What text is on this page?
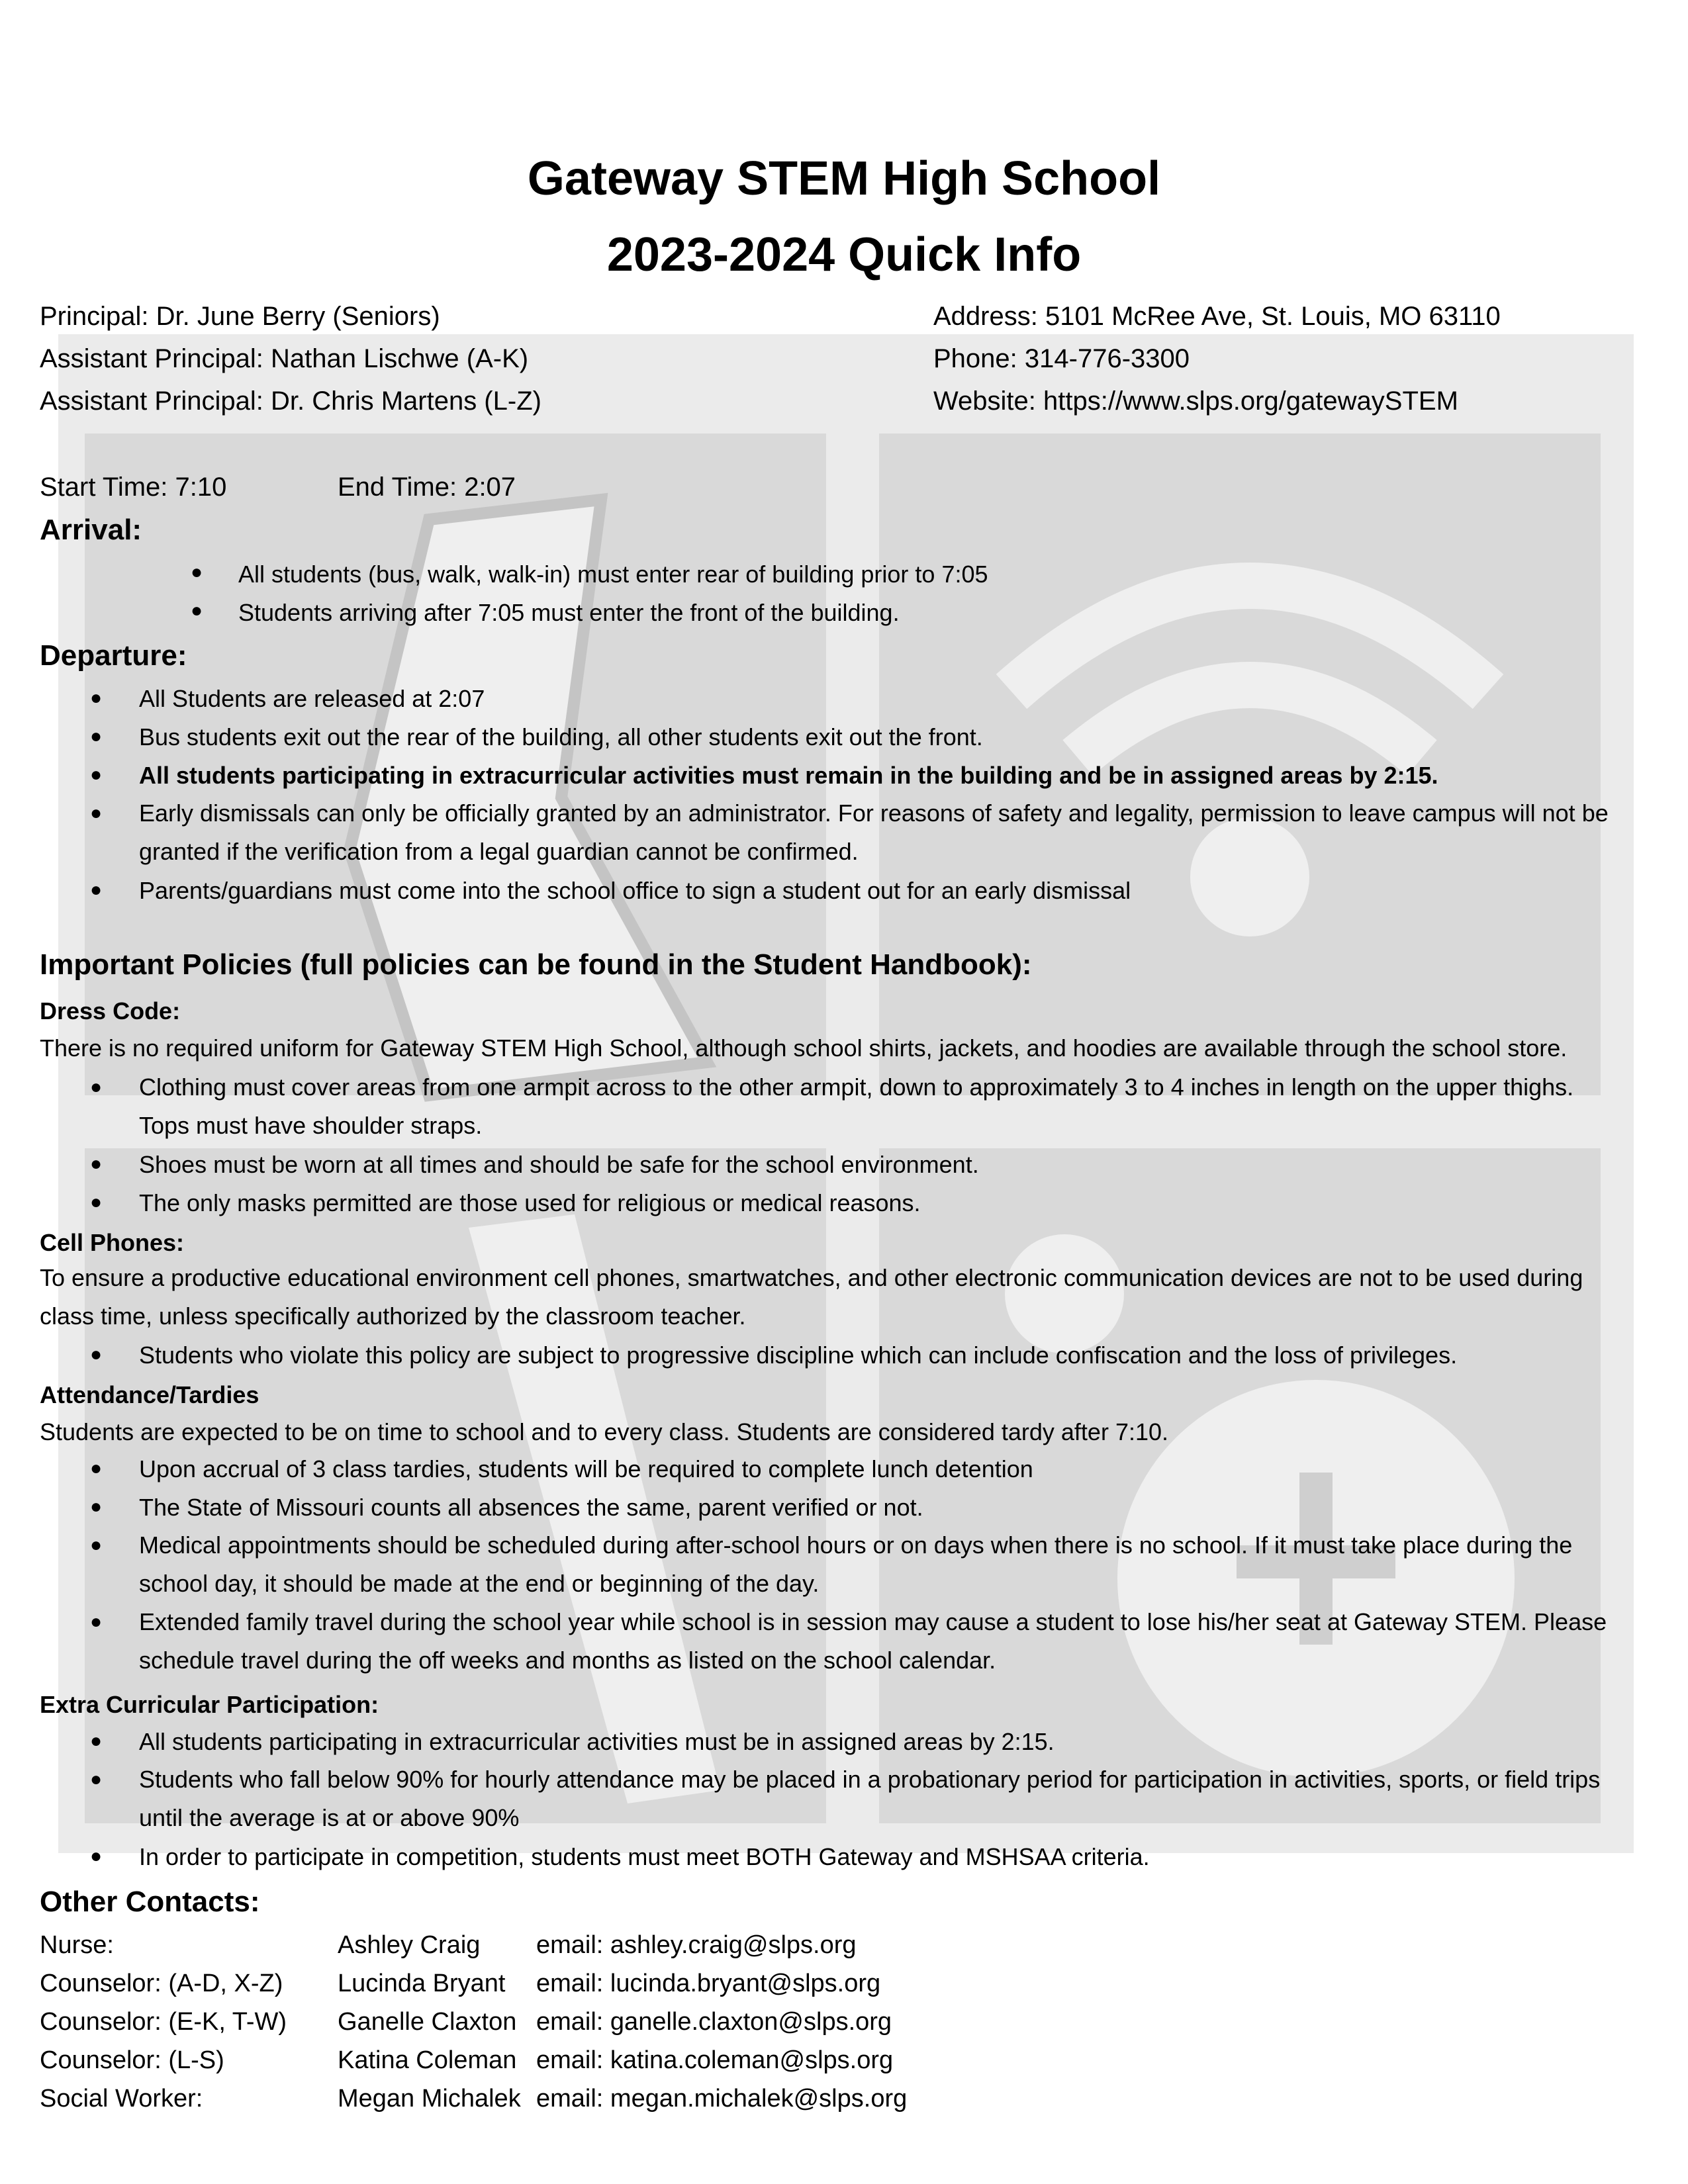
Gateway STEM High School
2023-2024 Quick Info
Principal: Dr. June Berry (Seniors)
Assistant Principal: Nathan Lischwe (A-K)
Assistant Principal: Dr. Chris Martens (L-Z)
Address: 5101 McRee Ave, St. Louis, MO 63110
Phone: 314-776-3300
Website: https://www.slps.org/gatewaySTEM
Start Time: 7:10	End Time: 2:07
Arrival:
● All students (bus, walk, walk-in) must enter rear of building prior to 7:05
● Students arriving after 7:05 must enter the front of the building.
Departure:
● All Students are released at 2:07
● Bus students exit out the rear of the building, all other students exit out the front.
● All students participating in extracurricular activities must remain in the building and be in assigned areas by 2:15.
● Early dismissals can only be officially granted by an administrator. For reasons of safety and legality, permission to leave campus will not be granted if the verification from a legal guardian cannot be confirmed.
● Parents/guardians must come into the school office to sign a student out for an early dismissal
Important Policies (full policies can be found in the Student Handbook):
Dress Code:
There is no required uniform for Gateway STEM High School, although school shirts, jackets, and hoodies are available through the school store.
● Clothing must cover areas from one armpit across to the other armpit, down to approximately 3 to 4 inches in length on the upper thighs. Tops must have shoulder straps.
● Shoes must be worn at all times and should be safe for the school environment.
● The only masks permitted are those used for religious or medical reasons.
Cell Phones:
To ensure a productive educational environment cell phones, smartwatches, and other electronic communication devices are not to be used during class time, unless specifically authorized by the classroom teacher.
● Students who violate this policy are subject to progressive discipline which can include confiscation and the loss of privileges.
Attendance/Tardies
Students are expected to be on time to school and to every class. Students are considered tardy after 7:10.
● Upon accrual of 3 class tardies, students will be required to complete lunch detention
● The State of Missouri counts all absences the same, parent verified or not.
● Medical appointments should be scheduled during after-school hours or on days when there is no school. If it must take place during the school day, it should be made at the end or beginning of the day.
● Extended family travel during the school year while school is in session may cause a student to lose his/her seat at Gateway STEM. Please schedule travel during the off weeks and months as listed on the school calendar.
Extra Curricular Participation:
● All students participating in extracurricular activities must be in assigned areas by 2:15.
● Students who fall below 90% for hourly attendance may be placed in a probationary period for participation in activities, sports, or field trips until the average is at or above 90%
● In order to participate in competition, students must meet BOTH Gateway and MSHSAA criteria.
Other Contacts:
Nurse:	Ashley Craig email: ashley.craig@slps.org
Counselor: (A-D, X-Z) Lucinda Bryant email: lucinda.bryant@slps.org
Counselor: (E-K, T-W) Ganelle Claxton email: ganelle.claxton@slps.org
Counselor: (L-S)	Katina Coleman email: katina.coleman@slps.org
Social Worker:	Megan Michalek email: megan.michalek@slps.org
